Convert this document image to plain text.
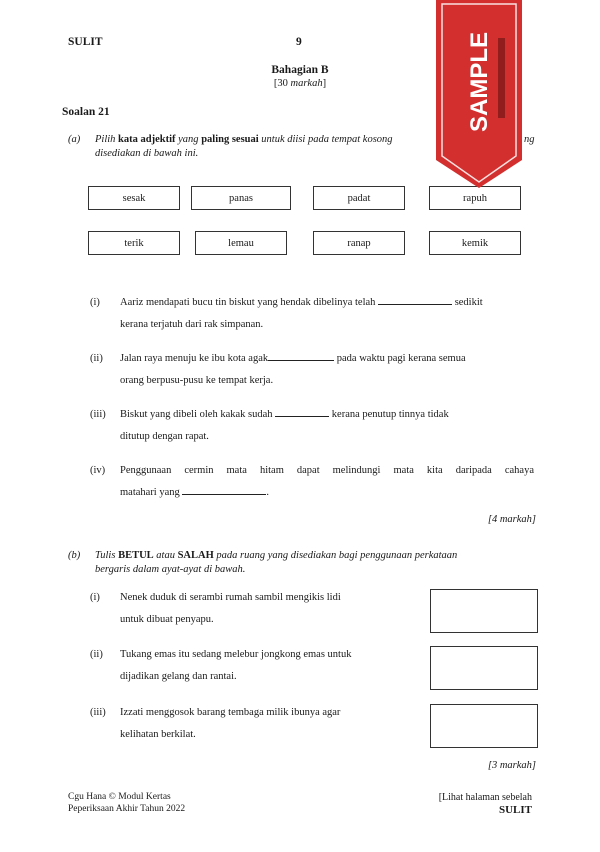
SULIT	9
Bahagian B
[30 markah]
Soalan 21
(a) Pilih kata adjektif yang paling sesuai untuk diisi pada tempat kosong	ng
disediakan di bawah ini.
sesak	panas	padat	rapuh
terik	lemau	ranap	kemik
(i) Aariz mendapati bucu tin biskut yang hendak dibelinya telah	sedikit
kerana terjatuh dari rak simpanan.
(ii) Jalan raya menuju ke ibu kota agak	pada waktu pagi kerana semua
orang berpusu-pusu ke tempat kerja.
(iii) Biskut yang dibeli oleh kakak sudah	kerana penutup tinnya tidak
ditutup dengan rapat.
(iv) Penggunaan cermin mata hitam dapat melindungi mata kita daripada cahaya
matahari yang	.
[4 markah]
(b) Tulis BETUL atau SALAH pada ruang yang disediakan bagi penggunaan perkataan
bergaris dalam ayat-ayat di bawah.
(i) Nenek duduk di serambi rumah sambil mengikis lidi
untuk dibuat penyapu.
(ii) Tukang emas itu sedang melebur jongkong emas untuk
dijadikan gelang dan rantai.
(iii) Izzati menggosok barang tembaga milik ibunya agar
kelihatan berkilat.
[3 markah]
Cgu Hana © Modul Kertas
Peperiksaan Akhir Tahun 2022
[Lihat halaman sebelah
SULIT
SAMPLE
